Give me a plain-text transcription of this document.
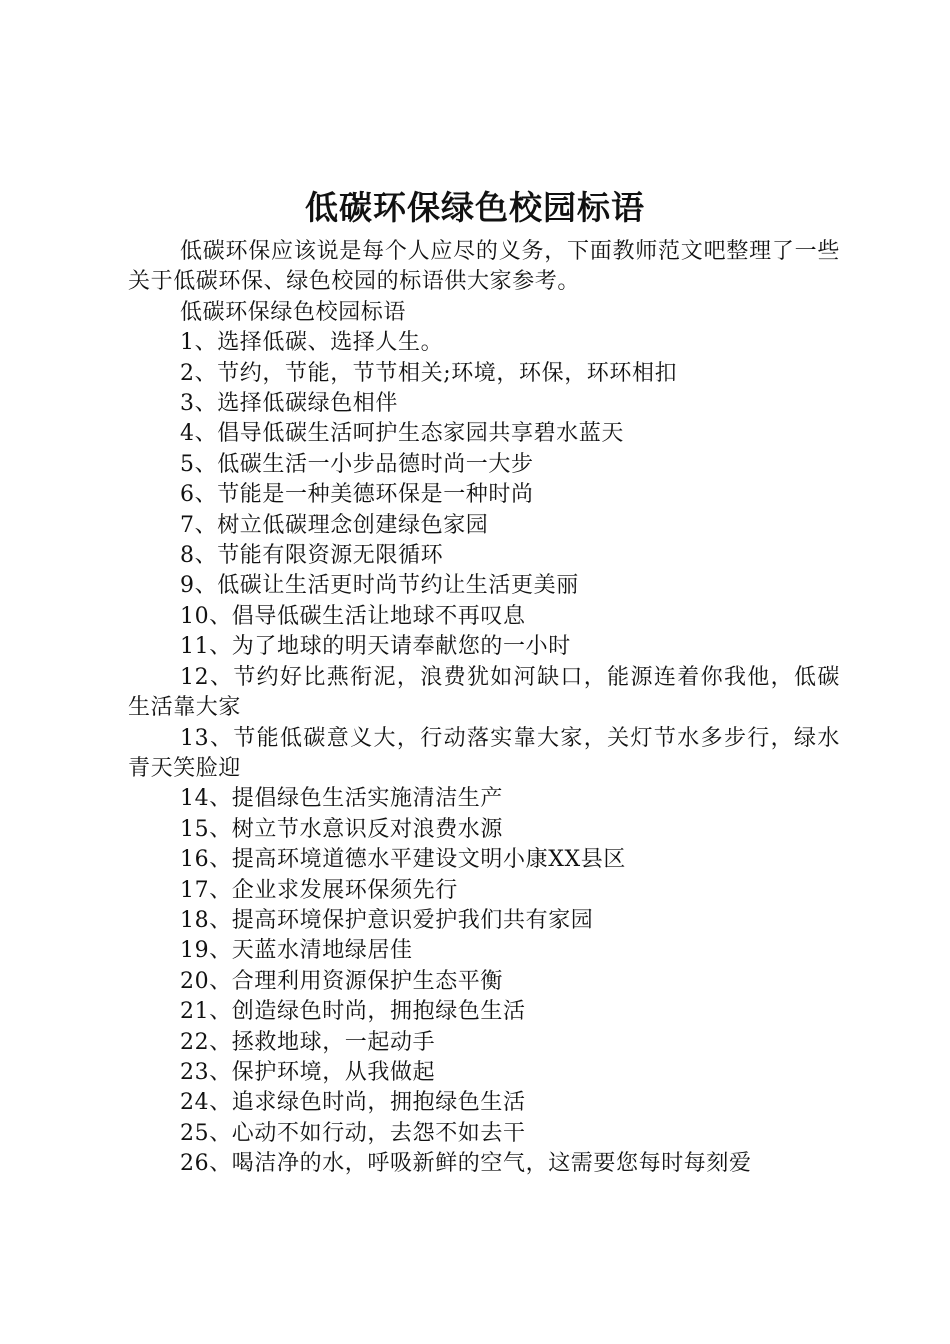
低碳环保绿色校园标语

低碳环保应该说是每个人应尽的义务，下面教师范文吧整理了一些关于低碳环保、绿色校园的标语供大家参考。

低碳环保绿色校园标语

1、选择低碳、选择人生。

2、节约，节能，节节相关;环境，环保，环环相扣

3、选择低碳绿色相伴

4、倡导低碳生活呵护生态家园共享碧水蓝天

5、低碳生活一小步品德时尚一大步

6、节能是一种美德环保是一种时尚

7、树立低碳理念创建绿色家园

8、节能有限资源无限循环

9、低碳让生活更时尚节约让生活更美丽

10、倡导低碳生活让地球不再叹息

11、为了地球的明天请奉献您的一小时

12、节约好比燕衔泥，浪费犹如河缺口，能源连着你我他，低碳生活靠大家

13、节能低碳意义大，行动落实靠大家，关灯节水多步行，绿水青天笑脸迎

14、提倡绿色生活实施清洁生产

15、树立节水意识反对浪费水源

16、提高环境道德水平建设文明小康XX县区

17、企业求发展环保须先行

18、提高环境保护意识爱护我们共有家园

19、天蓝水清地绿居佳

20、合理利用资源保护生态平衡

21、创造绿色时尚，拥抱绿色生活

22、拯救地球，一起动手

23、保护环境，从我做起

24、追求绿色时尚，拥抱绿色生活

25、心动不如行动，去怨不如去干

26、喝洁净的水，呼吸新鲜的空气，这需要您每时每刻爱
